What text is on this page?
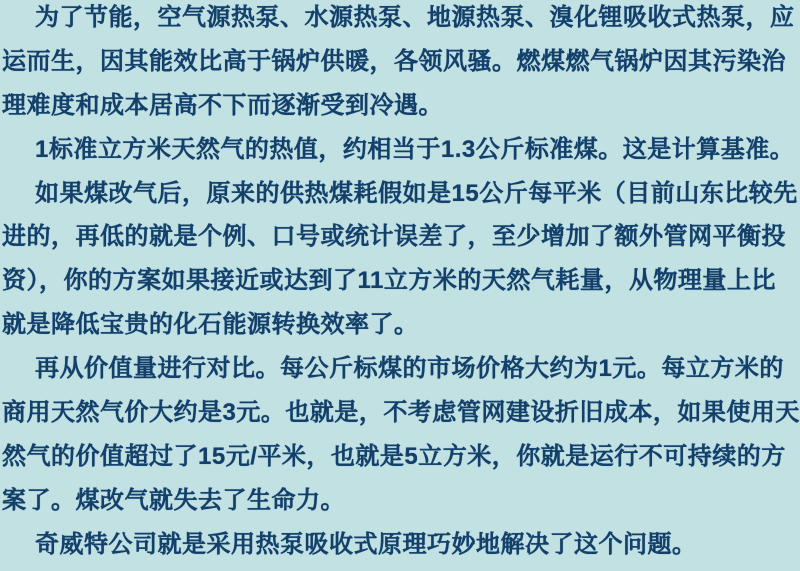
为了节能，空气源热泵、水源热泵、地源热泵、溴化锂吸收式热泵，应
运而生，因其能效比高于锅炉供暖，各领风骚。燃煤燃气锅炉因其污染治
理难度和成本居高不下而逐渐受到冷遇。
1标准立方米天然气的热值，约相当于1.3公斤标准煤。这是计算基准。
如果煤改气后，原来的供热煤耗假如是15公斤每平米（目前山东比较先
进的，再低的就是个例、口号或统计误差了，至少增加了额外管网平衡投
资），你的方案如果接近或达到了11立方米的天然气耗量，从物理量上比
就是降低宝贵的化石能源转换效率了。
再从价值量进行对比。每公斤标煤的市场价格大约为1元。每立方米的
商用天然气价大约是3元。也就是，不考虑管网建设折旧成本，如果使用天
然气的价值超过了15元/平米，也就是5立方米，你就是运行不可持续的方
案了。煤改气就失去了生命力。
奇威特公司就是采用热泵吸收式原理巧妙地解决了这个问题。
